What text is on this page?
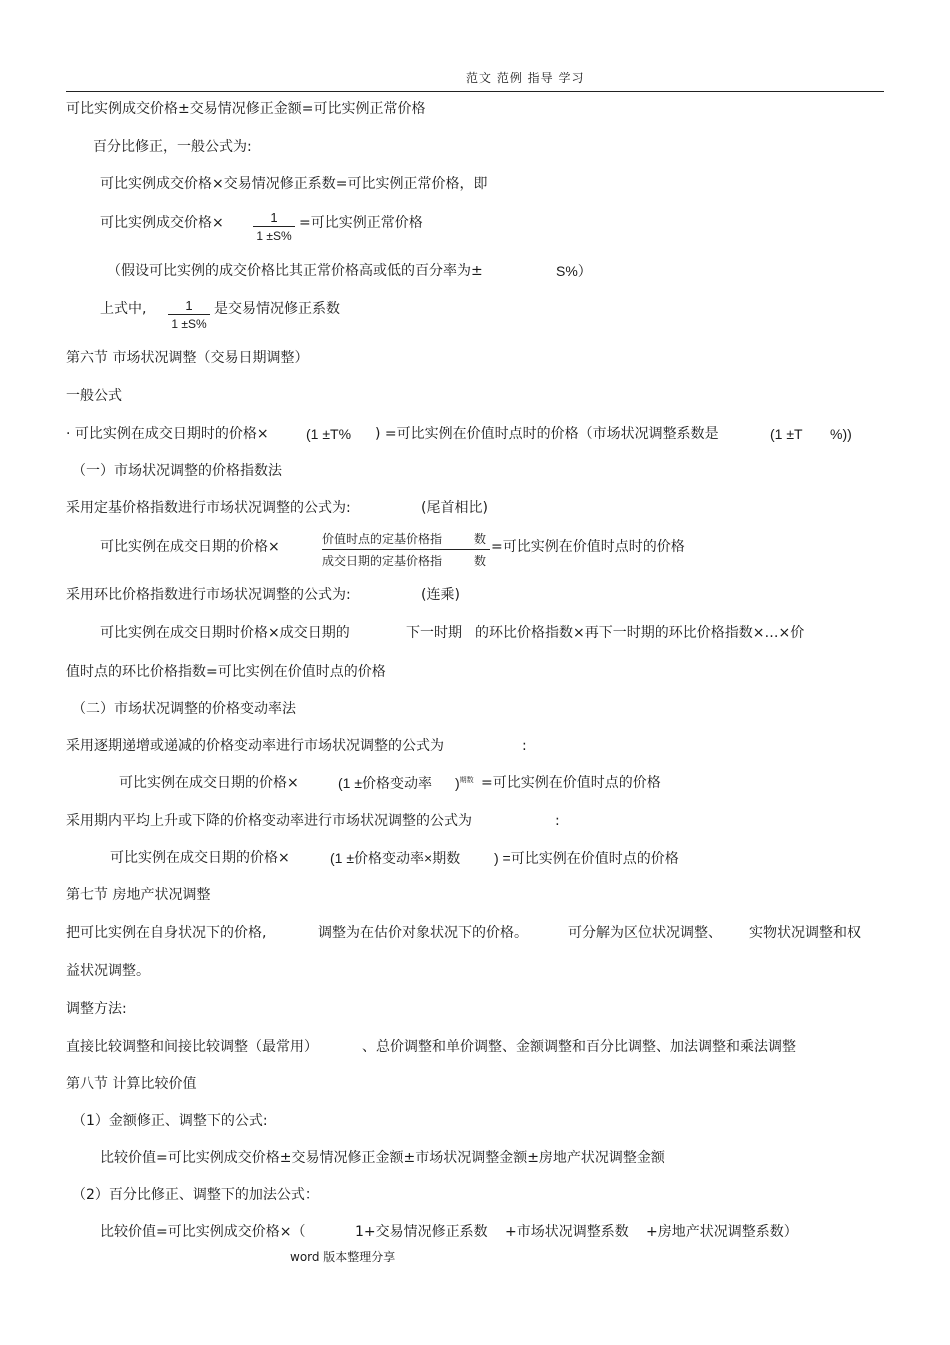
范文 范例 指导 学习
可比实例成交价格±交易情况修正金额=可比实例正常价格
百分比修正，一般公式为:
可比实例成交价格×交易情况修正系数=可比实例正常价格，即
可比实例成交价格×	1
1 ±S%
=可比实例正常价格
（假设可比实例的成交价格比其正常价格高或低的百分率为±	S%）
上式中,	1
1 ±S%
是交易情况修正系数
第六节 市场状况调整（交易日期调整）
一般公式
· 可比实例在成交日期时的价格×	(1 ±T% ) =可比实例在价值时点时的价格（市场状况调整系数是	(1 ±T %))
（一）市场状况调整的价格指数法
采用定基价格指数进行市场状况调整的公式为:	(尾首相比)
可比实例在成交日期的价格×	价值时点的定基价格指	数
成交日期的定基价格指	数
=可比实例在价值时点时的价格
采用环比价格指数进行市场状况调整的公式为:	(连乘)
可比实例在成交日期时价格×成交日期的	下一时期 的环比价格指数×再下一时期的环比价格指数×…×价
值时点的环比价格指数=可比实例在价值时点的价格
（二）市场状况调整的价格变动率法
采用逐期递增或递减的价格变动率进行市场状况调整的公式为	:
可比实例在成交日期的价格×	(1 ±价格变动率 )$^{期数}$ =可比实例在价值时点的价格
采用期内平均上升或下降的价格变动率进行市场状况调整的公式为	:
可比实例在成交日期的价格×	(1 ±价格变动率×期数 ) =可比实例在价值时点的价格
第七节 房地产状况调整
把可比实例在自身状况下的价格,	调整为在估价对象状况下的价格。	可分解为区位状况调整、 实物状况调整和权
益状况调整。
调整方法:
直接比较调整和间接比较调整（最常用）	、总价调整和单价调整、金额调整和百分比调整、加法调整和乘法调整
第八节 计算比较价值
（1）金额修正、调整下的公式:
比较价值=可比实例成交价格±交易情况修正金额±市场状况调整金额±房地产状况调整金额
（2）百分比修正、调整下的加法公式：
比较价值=可比实例成交价格×（	1+交易情况修正系数 +市场状况调整系数 +房地产状况调整系数）
word 版本整理分享
